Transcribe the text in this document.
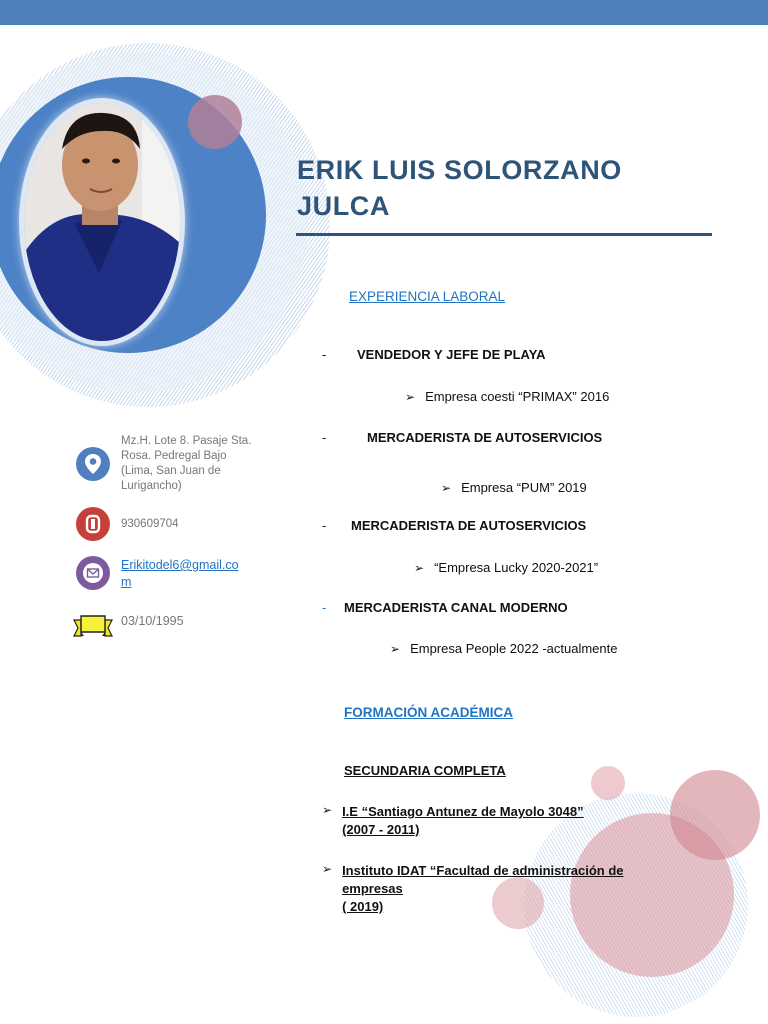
ERIK LUIS SOLORZANO
JULCA
EXPERIENCIA LABORAL
- VENDEDOR Y JEFE DE PLAYA
➢ Empresa coesti “PRIMAX” 2016
-	MERCADERISTA DE AUTOSERVICIOS
➢ Empresa “PUM” 2019
- MERCADERISTA DE AUTOSERVICIOS
➢ “Empresa Lucky 2020-2021”
- MERCADERISTA CANAL MODERNO
➢ Empresa People 2022 -actualmente
FORMACIÓN ACADÉMICA
SECUNDARIA COMPLETA
➢ I.E “Santiago Antunez de Mayolo 3048”
(2007 - 2011)
➢ Instituto IDAT “Facultad de administración de
empresas
( 2019)
Mz.H. Lote 8. Pasaje Sta.
Rosa. Pedregal Bajo
(Lima, San Juan de
Lurigancho)
930609704
Erikitodel6@gmail.co
m
03/10/1995
